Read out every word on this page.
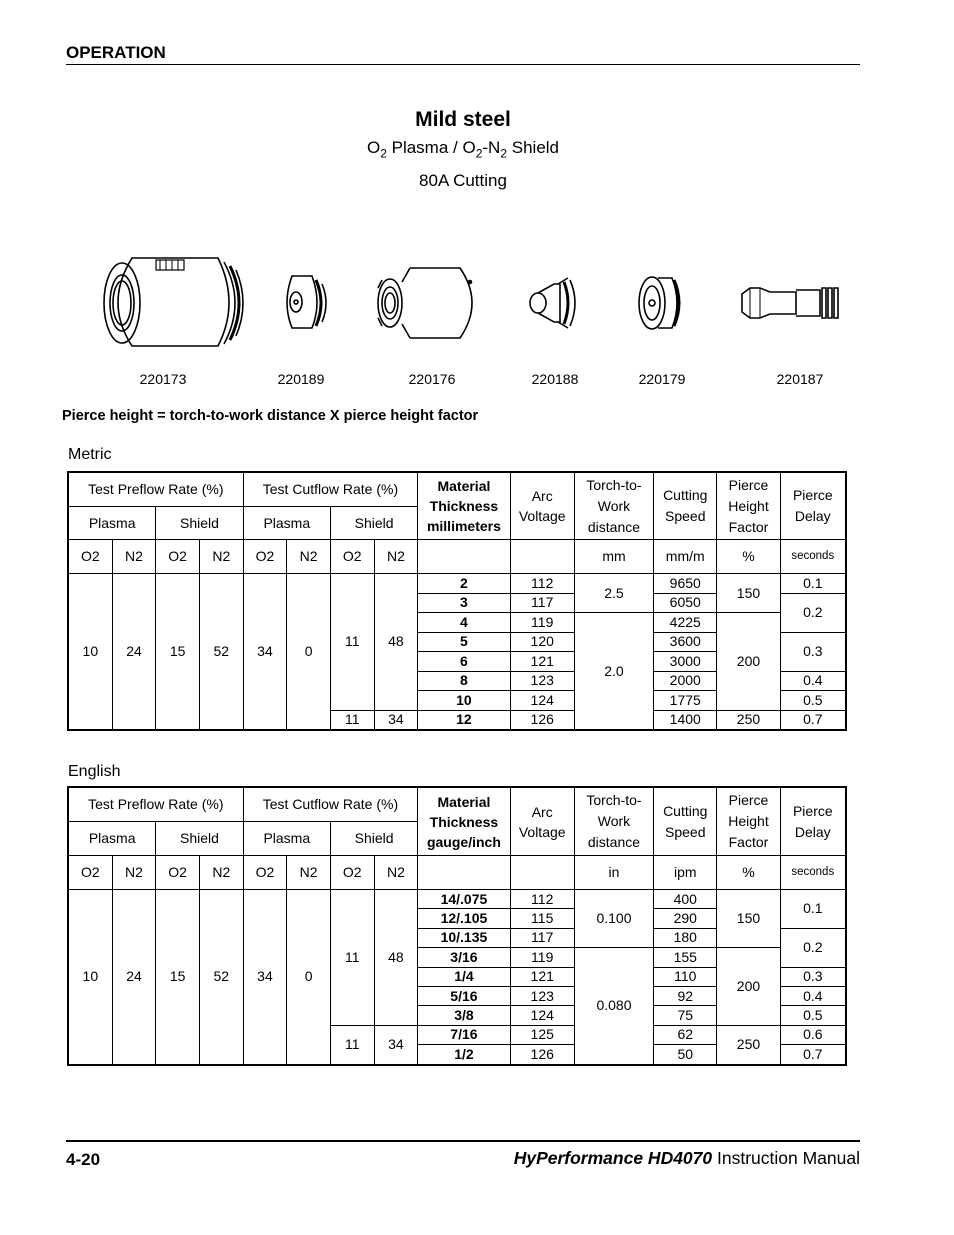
OPERATION
Mild steel
$O_2$ Plasma / $O_2-N_2$ Shield
80A Cutting
220173	220189	220176	220188	220179	220187
Pierce height = torch-to-work distance X pierce height factor
Metric
Test Preflow Rate (%)				Test Cutflow Rate (%)				Material
Thickness
millimeters	Arc
Voltage	Torch-to-
Work
distance	Cutting
Speed	Pierce
Height
Factor	Pierce
Delay
Plasma		Shield		Plasma		Shield							
O2	N2	O2	N2	O2	N2	O2	N2			mm	mm/m	%	seconds
10	24	15	52	34	0	11	48	2	112	2.5	9650	150	0.1
								3	117		6050		0.2
								4	119	2.0	4225	200	
								5	120		3600		0.3
								6	121		3000		
								8	123		2000		0.4
								10	124		1775		0.5
						11	34	12	126		1400	250	0.7
English
Test Preflow Rate (%)				Test Cutflow Rate (%)				Material
Thickness
gauge/inch	Arc
Voltage	Torch-to-
Work
distance	Cutting
Speed	Pierce
Height
Factor	Pierce
Delay
Plasma		Shield		Plasma		Shield							
O2	N2	O2	N2	O2	N2	O2	N2			in	ipm	%	seconds
10	24	15	52	34	0	11	48	14/.075	112	0.100	400	150	0.1
								12/.105	115		290		
								10/.135	117		180		0.2
								3/16	119	0.080	155	200	
								1/4	121		110		0.3
								5/16	123		92		0.4
								3/8	124		75		0.5
						11	34	7/16	125		62	250	0.6
								1/2	126		50		0.7
4-20	HyPerformance HD4070 Instruction Manual
